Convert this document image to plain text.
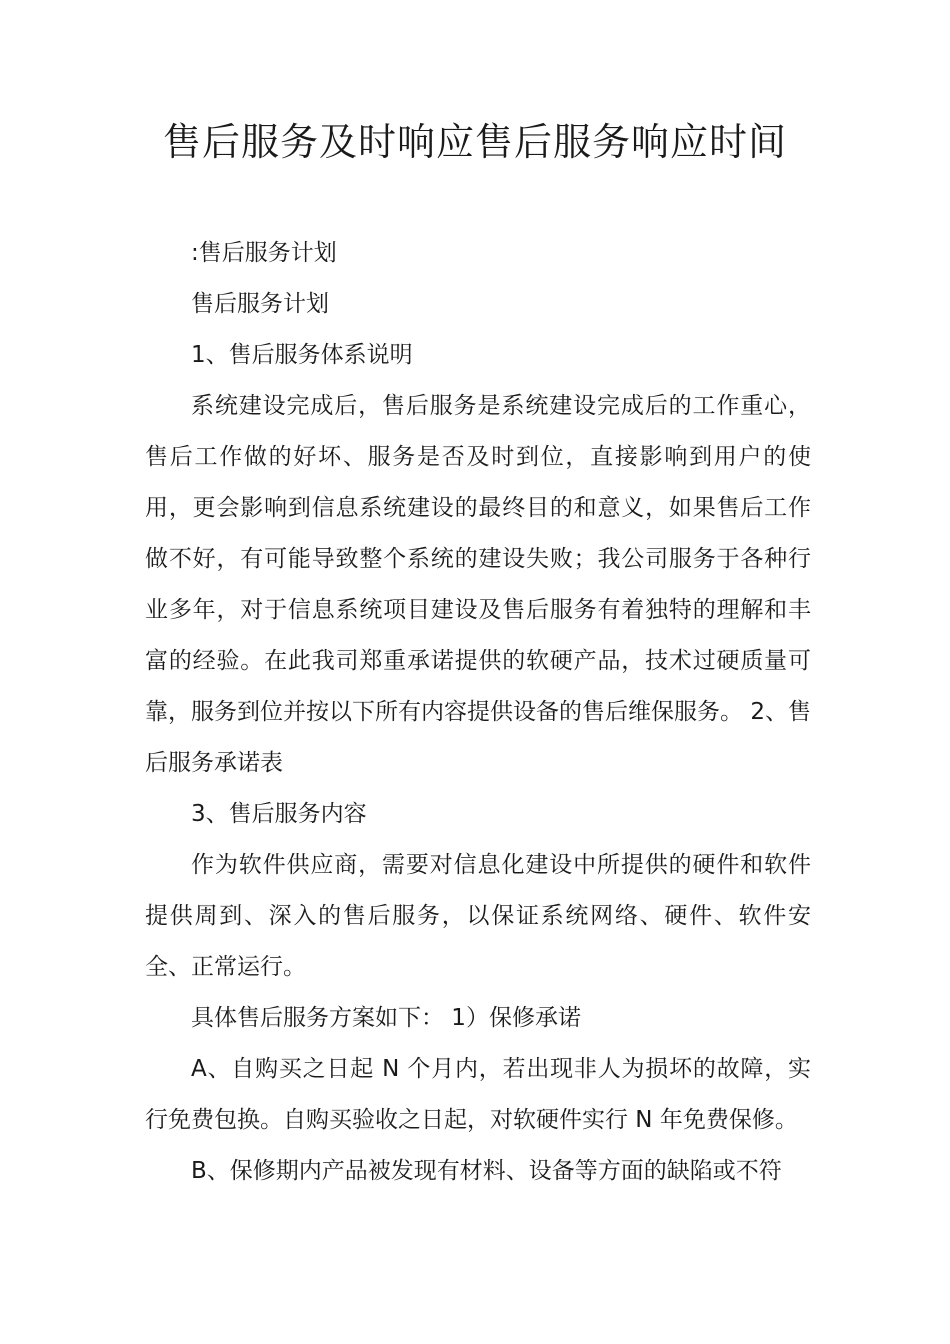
售后服务及时响应售后服务响应时间

:售后服务计划

售后服务计划

1、售后服务体系说明

系统建设完成后，售后服务是系统建设完成后的工作重心，售后工作做的好坏、服务是否及时到位，直接影响到用户的使用，更会影响到信息系统建设的最终目的和意义，如果售后工作做不好，有可能导致整个系统的建设失败；我公司服务于各种行业多年，对于信息系统项目建设及售后服务有着独特的理解和丰富的经验。在此我司郑重承诺提供的软硬产品，技术过硬质量可靠，服务到位并按以下所有内容提供设备的售后维保服务。 2、售后服务承诺表

3、售后服务内容

作为软件供应商，需要对信息化建设中所提供的硬件和软件提供周到、深入的售后服务，以保证系统网络、硬件、软件安全、正常运行。

具体售后服务方案如下： 1）保修承诺

A、自购买之日起 N 个月内，若出现非人为损坏的故障，实行免费包换。自购买验收之日起，对软硬件实行 N 年免费保修。

B、保修期内产品被发现有材料、设备等方面的缺陷或不符
